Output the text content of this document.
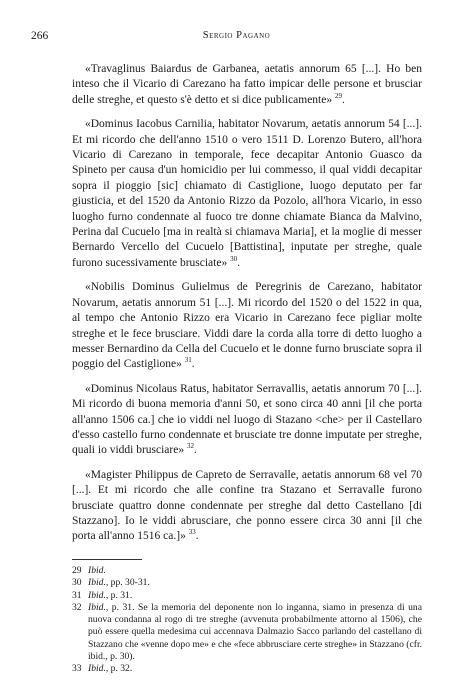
266	Sergio Pagano

«Travaglinus Baiardus de Garbanea, aetatis annorum 65 [...]. Ho ben inteso che il Vicario di Carezano ha fatto impicar delle persone et brusciar delle streghe, et questo s'è detto et si dice publicamente» $^{29}$.

«Dominus Iacobus Carnilia, habitator Novarum, aetatis annorum 54 [...]. Et mi ricordo che dell'anno 1510 o vero 1511 D. Lorenzo Butero, all'hora Vicario di Carezano in temporale, fece decapitar Antonio Guasco da Spineto per causa d'un homicidio per lui commesso, il qual viddi decapitar sopra il pioggio [sic] chiamato di Castiglione, luogo deputato per far giusticia, et del 1520 da Antonio Rizzo da Pozolo, all'hora Vicario, in esso luogho furno condennate al fuoco tre donne chiamate Bianca da Malvino, Perina dal Cucuelo [ma in realtà si chiamava Maria], et la moglie di messer Bernardo Vercello del Cucuelo [Battistina], inputate per streghe, quale furono sucessivamente brusciate» $^{30}$.

«Nobilis Dominus Gulielmus de Peregrinis de Carezano, habitator Novarum, aetatis annorum 51 [...]. Mi ricordo del 1520 o del 1522 in qua, al tempo che Antonio Rizzo era Vicario in Carezano fece pigliar molte streghe et le fece brusciare. Viddi dare la corda alla torre di detto luogho a messer Bernardino da Cella del Cucuelo et le donne furno brusciate sopra il poggio del Castiglione» $^{31}$.

«Dominus Nicolaus Ratus, habitator Serravallis, aetatis annorum 70 [...]. Mi ricordo di buona memoria d'anni 50, et sono circa 40 anni [il che porta all'anno 1506 ca.] che io viddi nel luogo di Stazano <che> per il Castellaro d'esso castello furno condennate et brusciate tre donne imputate per streghe, quali io viddi brusciare» $^{32}$.

«Magister Philippus de Capreto de Serravalle, aetatis annorum 68 vel 70 [...]. Et mi ricordo che alle confine tra Stazano et Serravalle furono brusciate quattro donne condennate per streghe dal detto Castellano [di Stazzano]. Io le viddi abrusciare, che ponno essere circa 30 anni [il che porta all'anno 1516 ca.]» $^{33}$.

29 Ibid.

30 Ibid., pp. 30-31.

31 Ibid., p. 31.

32 Ibid., p. 31. Se la memoria del deponente non lo inganna, siamo in presenza di una nuova condanna al rogo di tre streghe (avvenuta probabilmente attorno al 1506), che può essere quella medesima cui accennava Dalmazio Sacco parlando del castellano di Stazzano che «venne dopo me» e che «fece abbrusciare certe streghe» in Stazzano (cfr. ibid., p. 30).

33 Ibid., p. 32.
